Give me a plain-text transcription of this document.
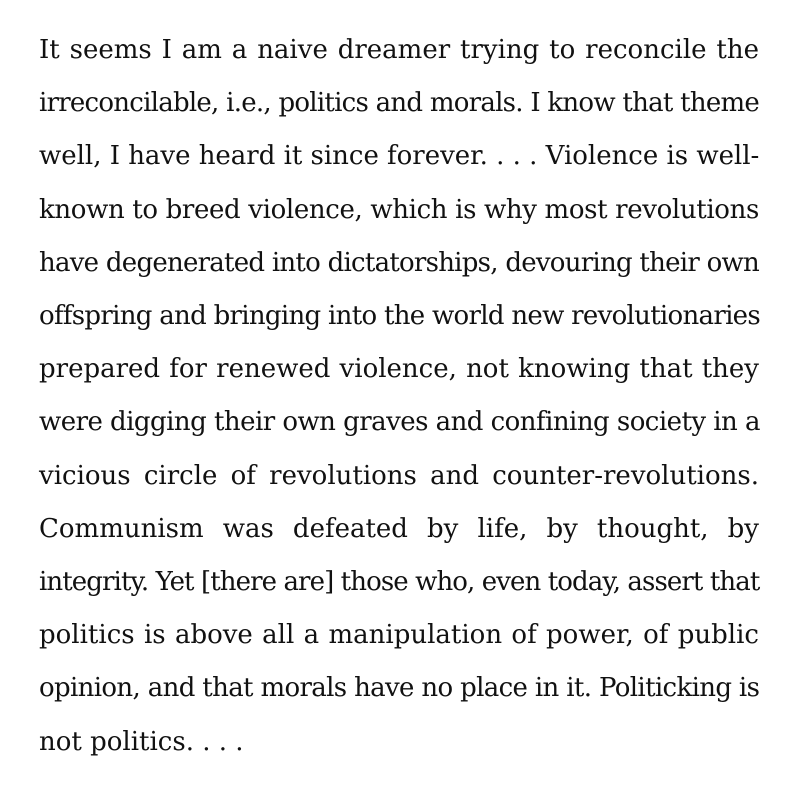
It seems I am a naive dreamer trying to reconcile the
irreconcilable, i.e., politics and morals. I know that theme
well, I have heard it since forever. . . . Violence is well-
known to breed violence, which is why most revolutions
have degenerated into dictatorships, devouring their own
offspring and bringing into the world new revolutionaries
prepared for renewed violence, not knowing that they
were digging their own graves and confining society in a
vicious circle of revolutions and counter-revolutions.
Communism was defeated by life, by thought, by
integrity. Yet [there are] those who, even today, assert that
politics is above all a manipulation of power, of public
opinion, and that morals have no place in it. Politicking is
not politics. . . .
